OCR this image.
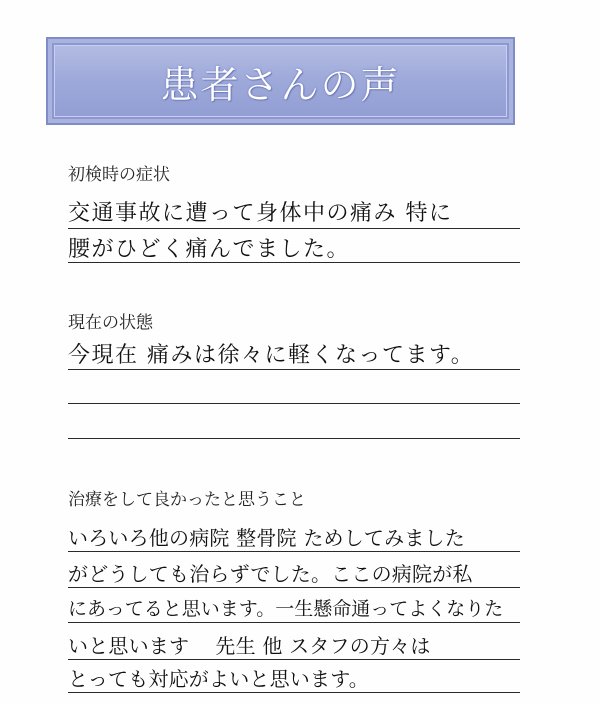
患者さんの声
初検時の症状
交通事故に遭って身体中の痛み 特に
腰がひどく痛んでました。
現在の状態
今現在 痛みは徐々に軽くなってます。
治療をして良かったと思うこと
いろいろ他の病院 整骨院 ためしてみました
がどうしても治らずでした。ここの病院が私
にあってると思います。一生懸命通ってよくなりた
いと思います    先生 他 スタフの方々は
とっても対応がよいと思います。
